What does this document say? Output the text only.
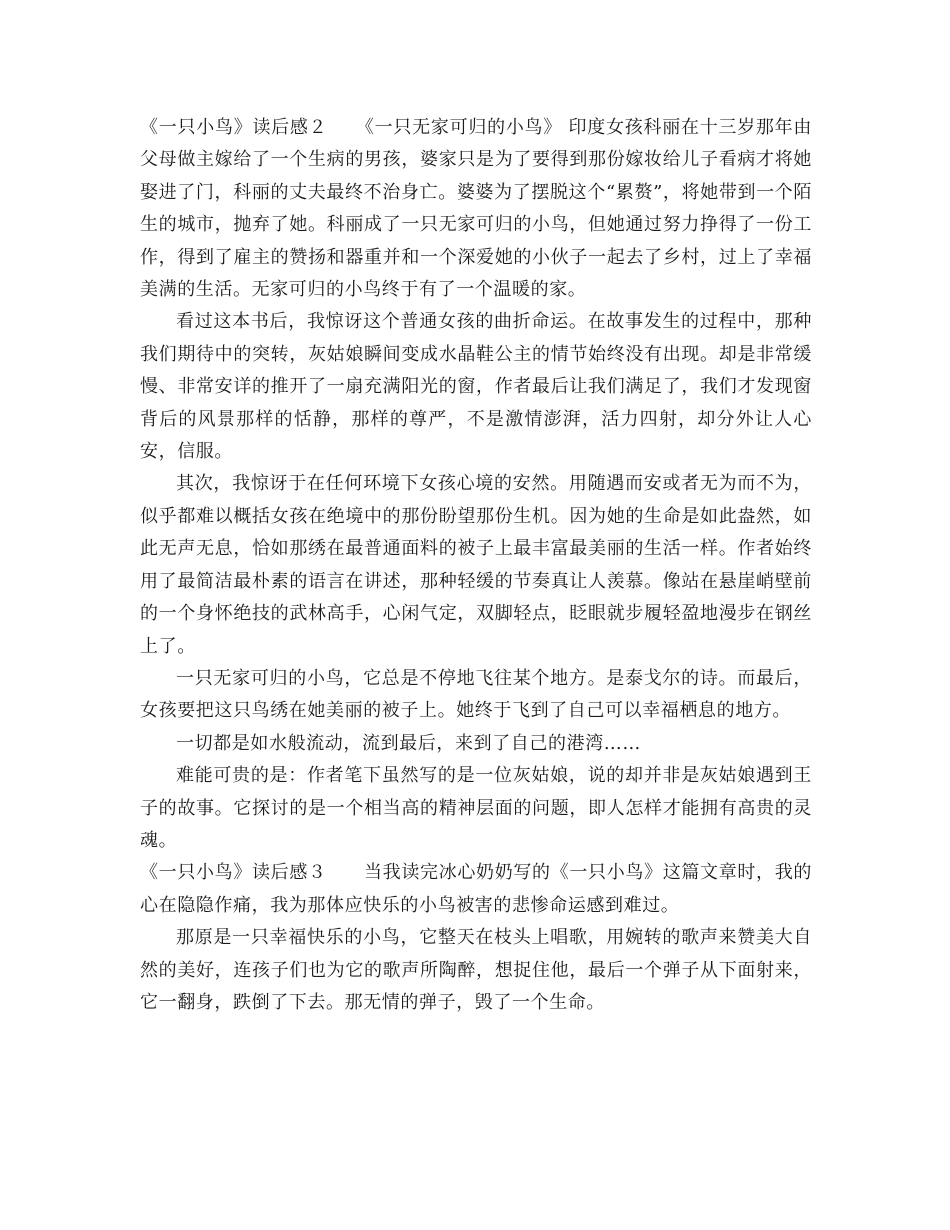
《一只小鸟》读后感２　　《一只无家可归的小鸟》 印度女孩科丽在十三岁那年由父母做主嫁给了一个生病的男孩，婆家只是为了要得到那份嫁妆给儿子看病才将她娶进了门，科丽的丈夫最终不治身亡。婆婆为了摆脱这个“累赘”，将她带到一个陌生的城市，抛弃了她。科丽成了一只无家可归的小鸟，但她通过努力挣得了一份工作，得到了雇主的赞扬和器重并和一个深爱她的小伙子一起去了乡村，过上了幸福美满的生活。无家可归的小鸟终于有了一个温暖的家。

看过这本书后，我惊讶这个普通女孩的曲折命运。在故事发生的过程中，那种我们期待中的突转，灰姑娘瞬间变成水晶鞋公主的情节始终没有出现。却是非常缓慢、非常安详的推开了一扇充满阳光的窗，作者最后让我们满足了，我们才发现窗背后的风景那样的恬静，那样的尊严，不是激情澎湃，活力四射，却分外让人心安，信服。

其次，我惊讶于在任何环境下女孩心境的安然。用随遇而安或者无为而不为，似乎都难以概括女孩在绝境中的那份盼望那份生机。因为她的生命是如此盎然，如此无声无息，恰如那绣在最普通面料的被子上最丰富最美丽的生活一样。作者始终用了最简洁最朴素的语言在讲述，那种轻缓的节奏真让人羡慕。像站在悬崖峭壁前的一个身怀绝技的武林高手，心闲气定，双脚轻点，眨眼就步履轻盈地漫步在钢丝上了。

一只无家可归的小鸟，它总是不停地飞往某个地方。是泰戈尔的诗。而最后，女孩要把这只鸟绣在她美丽的被子上。她终于飞到了自己可以幸福栖息的地方。

一切都是如水般流动，流到最后，来到了自己的港湾……

难能可贵的是：作者笔下虽然写的是一位灰姑娘，说的却并非是灰姑娘遇到王子的故事。它探讨的是一个相当高的精神层面的问题，即人怎样才能拥有高贵的灵魂。

《一只小鸟》读后感３　　当我读完冰心奶奶写的《一只小鸟》这篇文章时，我的心在隐隐作痛，我为那体应快乐的小鸟被害的悲惨命运感到难过。

那原是一只幸福快乐的小鸟，它整天在枝头上唱歌，用婉转的歌声来赞美大自然的美好，连孩子们也为它的歌声所陶醉，想捉住他，最后一个弹子从下面射来，它一翻身，跌倒了下去。那无情的弹子，毁了一个生命。
